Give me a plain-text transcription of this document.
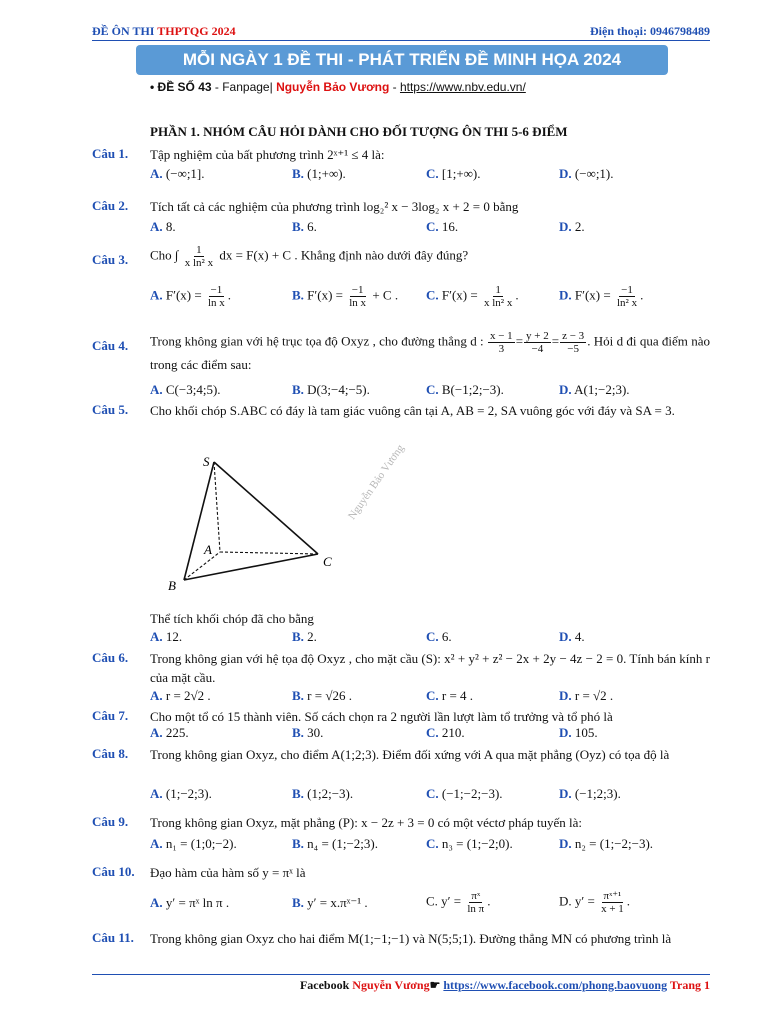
ĐỀ ÔN THI THPTQG 2024	Điện thoại: 0946798489
MỖI NGÀY 1 ĐỀ THI - PHÁT TRIỂN ĐỀ MINH HỌA 2024
• ĐỀ SỐ 43 - Fanpage| Nguyễn Bảo Vương - https://www.nbv.edu.vn/
PHẦN 1. NHÓM CÂU HỎI DÀNH CHO ĐỐI TƯỢNG ÔN THI 5-6 ĐIỂM
Câu 1. Tập nghiệm của bất phương trình 2ˣ⁺¹ ≤ 4 là:
A. (−∞;1].	B. (1;+∞).	C. [1;+∞).	D. (−∞;1).
Câu 2. Tích tất cả các nghiệm của phương trình log₂² x − 3log₂ x + 2 = 0 bằng
A. 8.	B. 6.	C. 16.	D. 2.
Câu 3. Cho ∫ $\frac{1}{\text{x ln² x}}$ dx = F(x) + C . Khẳng định nào dưới đây đúng?
A. $F'(x) = \frac{-1}{\text{ln x}}$ .	B. $F'(x) = \frac{-1}{\text{ln x}} + C$ . C. $F'(x) = \frac{1}{\text{x ln² x}}$ .	D. $F'(x) = \frac{-1}{\text{ln² x}}$ .
Câu 4. Trong không gian với hệ trục tọa độ Oxyz , cho đường thẳng d : $\frac{x - 1}{3} = \frac{y + 2}{-4} = \frac{z - 3}{-5}$ . Hỏi d đi qua điểm nào trong các điểm sau:
A. C(−3;4;5).	B. D(3;−4;−5).	C. B(−1;2;−3).	D. A(1;−2;3).
Câu 5. Cho khối chóp S.ABC có đáy là tam giác vuông cân tại A, AB = 2, SA vuông góc với đáy và SA = 3.
S
A
B
C
Nguyễn Bảo Vương
Thể tích khối chóp đã cho bằng
A. 12.	B. 2.	C. 6.	D. 4.
Câu 6. Trong không gian với hệ tọa độ Oxyz , cho mặt cầu (S): x² + y² + z² − 2x + 2y − 4z − 2 = 0. Tính bán kính r của mặt cầu.
A. r = 2√2 .	B. r = √26 .	C. r = 4 .	D. r = √2 .
Câu 7. Cho một tổ có 15 thành viên. Số cách chọn ra 2 người lần lượt làm tổ trưởng và tổ phó là
A. 225.	B. 30.	C. 210.	D. 105.
Câu 8. Trong không gian Oxyz, cho điểm A(1;2;3). Điểm đối xứng với A qua mặt phẳng (Oyz) có tọa độ là
A. (1;−2;3).	B. (1;2;−3).	C. (−1;−2;−3).	D. (−1;2;3).
Câu 9. Trong không gian Oxyz, mặt phẳng (P): x − 2z + 3 = 0 có một véctơ pháp tuyến là:
A. n₁ = (1;0;−2).	B. n₄ = (1;−2;3).	C. n₃ = (1;−2;0).	D. n₂ = (1;−2;−3).
Câu 10. Đạo hàm của hàm số y = πˣ là
A. y′ = πˣ ln π .	B. y′ = x.πˣ⁻¹ .	C. $y' = \frac{\text{πˣ}}{\text{ln π}}$ .	D. $y' = \frac{\text{πˣ⁺¹}}{x + 1}$ .
Câu 11. Trong không gian Oxyz cho hai điểm M(1;−1;−1) và N(5;5;1). Đường thẳng MN có phương trình là
Facebook Nguyễn Vương☛ https://www.facebook.com/phong.baovuong Trang 1
